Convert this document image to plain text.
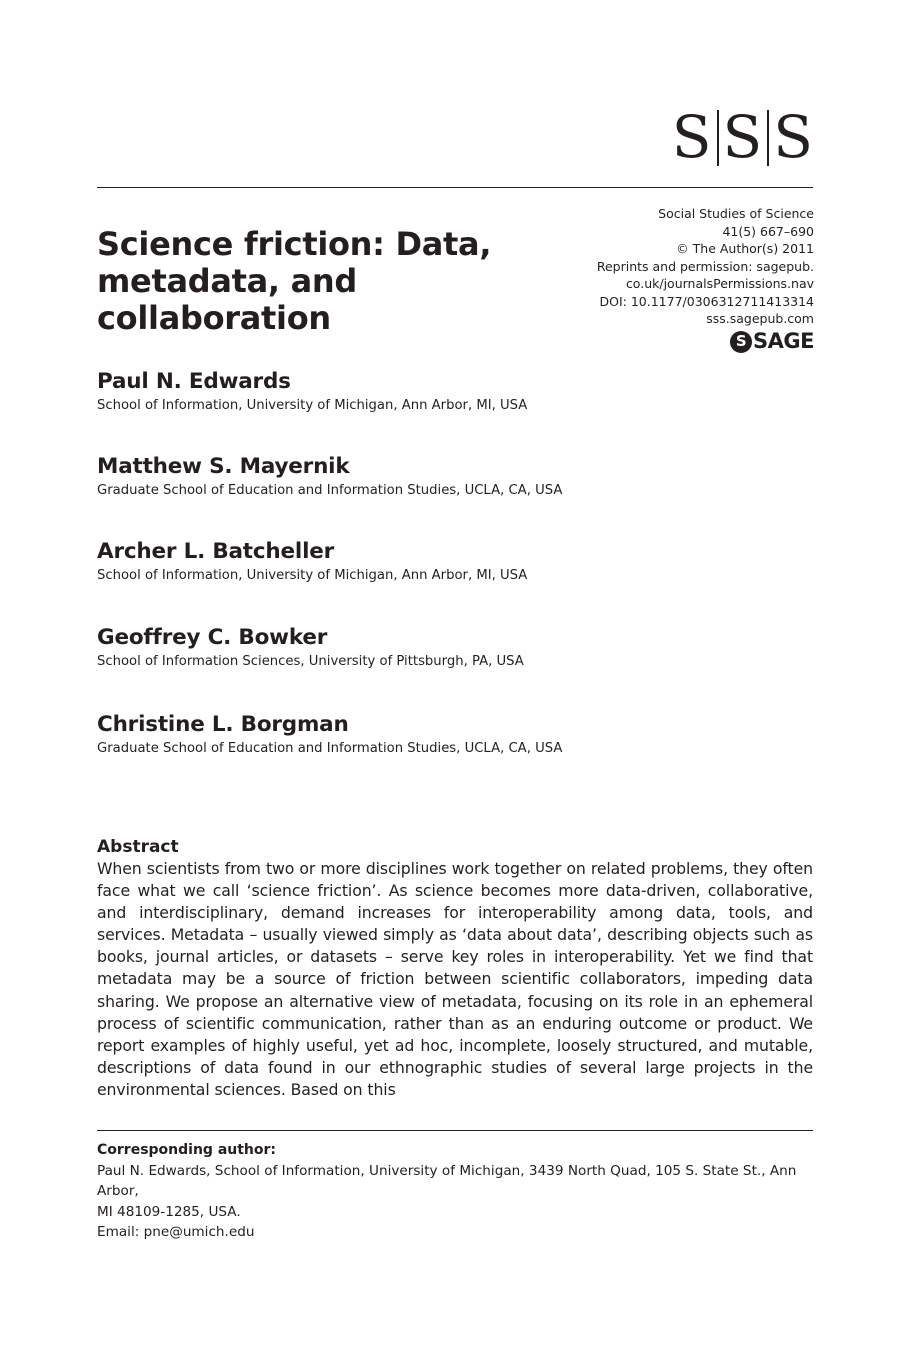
S S S
Science friction: Data,
metadata, and collaboration
Social Studies of Science
41(5) 667–690
© The Author(s) 2011
Reprints and permission: sagepub.
co.uk/journalsPermissions.nav
DOI: 10.1177/0306312711413314
sss.sagepub.com
S SAGE
Paul N. Edwards
School of Information, University of Michigan, Ann Arbor, MI, USA
Matthew S. Mayernik
Graduate School of Education and Information Studies, UCLA, CA, USA
Archer L. Batcheller
School of Information, University of Michigan, Ann Arbor, MI, USA
Geoffrey C. Bowker
School of Information Sciences, University of Pittsburgh, PA, USA
Christine L. Borgman
Graduate School of Education and Information Studies, UCLA, CA, USA
Abstract

When scientists from two or more disciplines work together on related problems, they often face what we call ‘science friction’. As science becomes more data-driven, collaborative, and interdisciplinary, demand increases for interoperability among data, tools, and services. Metadata – usually viewed simply as ‘data about data’, describing objects such as books, journal articles, or datasets – serve key roles in interoperability. Yet we find that metadata may be a source of friction between scientific collaborators, impeding data sharing. We propose an alternative view of metadata, focusing on its role in an ephemeral process of scientific communication, rather than as an enduring outcome or product. We report examples of highly useful, yet ad hoc, incomplete, loosely structured, and mutable, descriptions of data found in our ethnographic studies of several large projects in the environmental sciences. Based on this

Corresponding author:
Paul N. Edwards, School of Information, University of Michigan, 3439 North Quad, 105 S. State St., Ann Arbor,
MI 48109-1285, USA.
Email: pne@umich.edu
